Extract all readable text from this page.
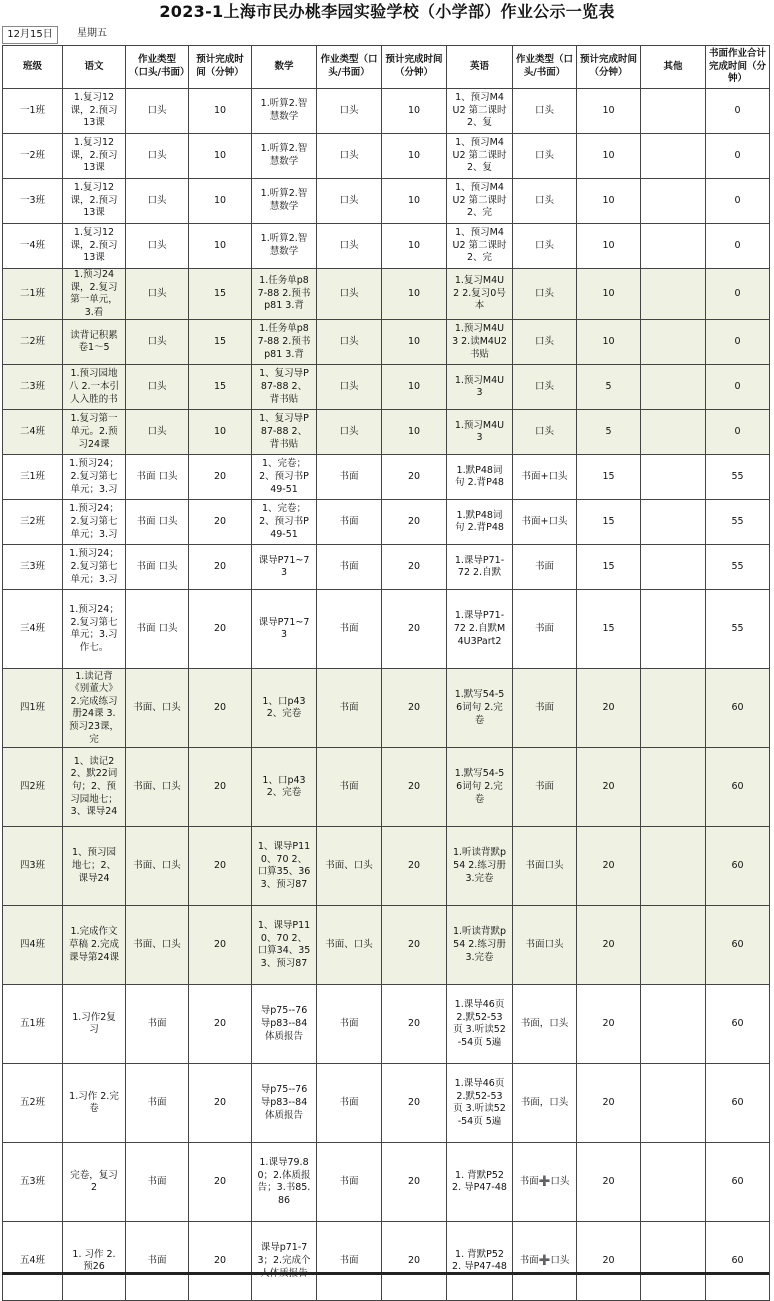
2023-1上海市民办桃李园实验学校（小学部）作业公示一览表
12月15日	星期五
班级	语文	作业类型（口头/书面）	预计完成时间（分钟）	数学	作业类型（口头/书面）	预计完成时间（分钟）	英语	作业类型（口头/书面）	预计完成时间（分钟）	其他	书面作业合计完成时间（分钟）
一1班	1.复习12课，2.预习13课	口头	10	1.听算2.智慧数学	口头	10	1、预习M4U2 第二课时 2、复	口头	10		0
一2班	1.复习12课，2.预习13课	口头	10	1.听算2.智慧数学	口头	10	1、预习M4U2 第二课时 2、复	口头	10		0
一3班	1.复习12课，2.预习13课	口头	10	1.听算2.智慧数学	口头	10	1、预习M4U2 第二课时 2、完	口头	10		0
一4班	1.复习12课，2.预习13课	口头	10	1.听算2.智慧数学	口头	10	1、预习M4U2 第二课时 2、完	口头	10		0
二1班	1.预习24课，2.复习第一单元，3.看	口头	15	1.任务单p87-88 2.预书p81 3.背	口头	10	1.复习M4U2 2.复习0号本	口头	10		0
二2班	读背记积累卷1～5	口头	15	1.任务单p87-88 2.预书p81 3.背	口头	10	1.预习M4U3 2.读M4U2书贴	口头	10		0
二3班	1.预习园地八 2.一本引人入胜的书	口头	15	1、复习导P87-88 2、背书贴	口头	10	1.预习M4U3	口头	5		0
二4班	1.复习第一单元。2.预习24课	口头	10	1、复习导P87-88 2、背书贴	口头	10	1.预习M4U3	口头	5		0
三1班	1.预习24；2.复习第七单元；3.习	书面 口头	20	1、完卷；2、预习书P49-51	书面	20	1.默P48词句 2.背P48	书面+口头	15		55
三2班	1.预习24；2.复习第七单元；3.习	书面 口头	20	1、完卷；2、预习书P49-51	书面	20	1.默P48词句 2.背P48	书面+口头	15		55
三3班	1.预习24；2.复习第七单元；3.习	书面 口头	20	课导P71~73	书面	20	1.课导P71-72 2.自默	书面	15		55
三4班	1.预习24；2.复习第七单元；3.习作七。	书面 口头	20	课导P71~73	书面	20	1.课导P71-72 2.自默M4U3Part2	书面	15		55
四1班	1.读记背《别董大》2.完成练习册24课 3.预习23课，完	书面、口头	20	1、口p43 2、完卷	书面	20	1.默写54-56词句 2.完卷	书面	20		60
四2班	1、读记22、默22词句；2、预习园地七；3、课导24	书面、口头	20	1、口p43 2、完卷	书面	20	1.默写54-56词句 2.完卷	书面	20		60
四3班	1、预习园地七；2、课导24	书面、口头	20	1、课导P110、70 2、口算35、36 3、预习87	书面、口头	20	1.听读背默p54 2.练习册 3.完卷	书面口头	20		60
四4班	1.完成作文草稿 2.完成课导第24课	书面、口头	20	1、课导P110、70 2、口算34、35 3、预习87	书面、口头	20	1.听读背默p54 2.练习册 3.完卷	书面口头	20		60
五1班	1.习作2复习	书面	20	导p75--76 导p83--84 体质报告	书面	20	1.课导46页 2.默52-53页 3.听读52-54页 5遍	书面，口头	20		60
五2班	1.习作 2.完卷	书面	20	导p75--76 导p83--84 体质报告	书面	20	1.课导46页 2.默52-53页 3.听读52-54页 5遍	书面，口头	20		60
五3班	完卷，复习2	书面	20	1.课导79.80；2.体质报告；3.书85.86	书面	20	1. 背默P52 2. 导P47-48	书面➕口头	20		60
五4班	1. 习作 2. 预26	书面	20	课导p71-73；2.完成个	书面	20	1. 背默P52 2. 导P47-48	书面➕口头	20		60
